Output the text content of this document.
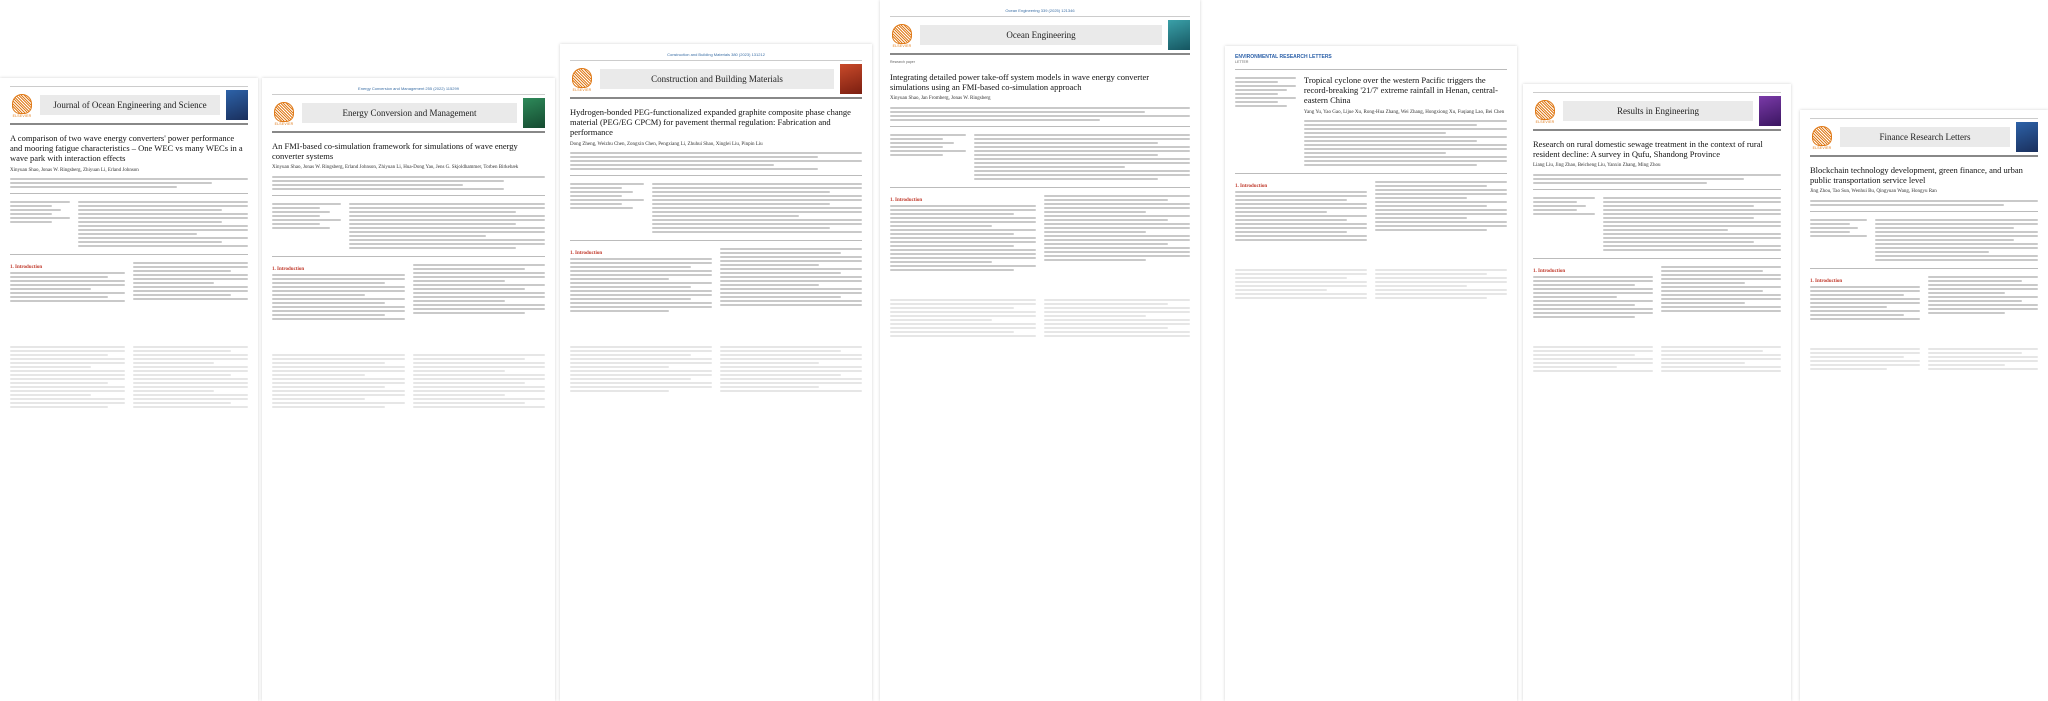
ELSEVIER
Journal of Ocean Engineering and Science
A comparison of two wave energy converters' power performance and mooring fatigue characteristics – One WEC vs many WECs in a wave park with interaction effects
Xinyuan Shao, Jonas W. Ringsberg, Zhiyuan Li, Erland Johnson
1. Introduction
Energy Conversion and Management 255 (2022) 115299
ELSEVIER
Energy Conversion and Management
An FMI-based co-simulation framework for simulations of wave energy converter systems
Xinyuan Shao, Jonas W. Ringsberg, Erland Johnson, Zhiyuan Li, Hua-Dong Yao, Jens G. Skjoldhammer, Torben Birkebæk
1. Introduction
Construction and Building Materials 380 (2023) 131212
ELSEVIER
Construction and Building Materials
Hydrogen-bonded PEG-functionalized expanded graphite composite phase change material (PEG/EG CPCM) for pavement thermal regulation: Fabrication and performance
Dong Zheng, Weizhu Chen, Zongxin Chen, Pengxiang Li, Zhuhui Shao, Xinglei Liu, Pinpin Liu
1. Introduction
Ocean Engineering 339 (2025) 121346
ELSEVIER
Ocean Engineering
Research paper
Integrating detailed power take-off system models in wave energy converter simulations using an FMI-based co-simulation approach
Xinyuan Shao, Jan Fromberg, Jonas W. Ringsberg
1. Introduction
ENVIRONMENTAL RESEARCH LETTERS
LETTER
Tropical cyclone over the western Pacific triggers the record-breaking '21/7' extreme rainfall in Henan, central-eastern China
Yang Yu, Yao Gao, Lijue Xu, Rong-Hua Zhang, Wei Zhang, Hongxiong Xu, Fuqiang Lao, Bei Chen
1. Introduction
ELSEVIER
Results in Engineering
Research on rural domestic sewage treatment in the context of rural resident decline: A survey in Qufu, Shandong Province
Liang Liu, Jing Zhao, Beicheng Liu, Yanxin Zhang, Ming Zhou
1. Introduction
ELSEVIER
Finance Research Letters
Blockchain technology development, green finance, and urban public transportation service level
Jing Zhou, Tao Sun, Wenhui Bu, Qingyuan Wang, Hongyu Ran
1. Introduction
